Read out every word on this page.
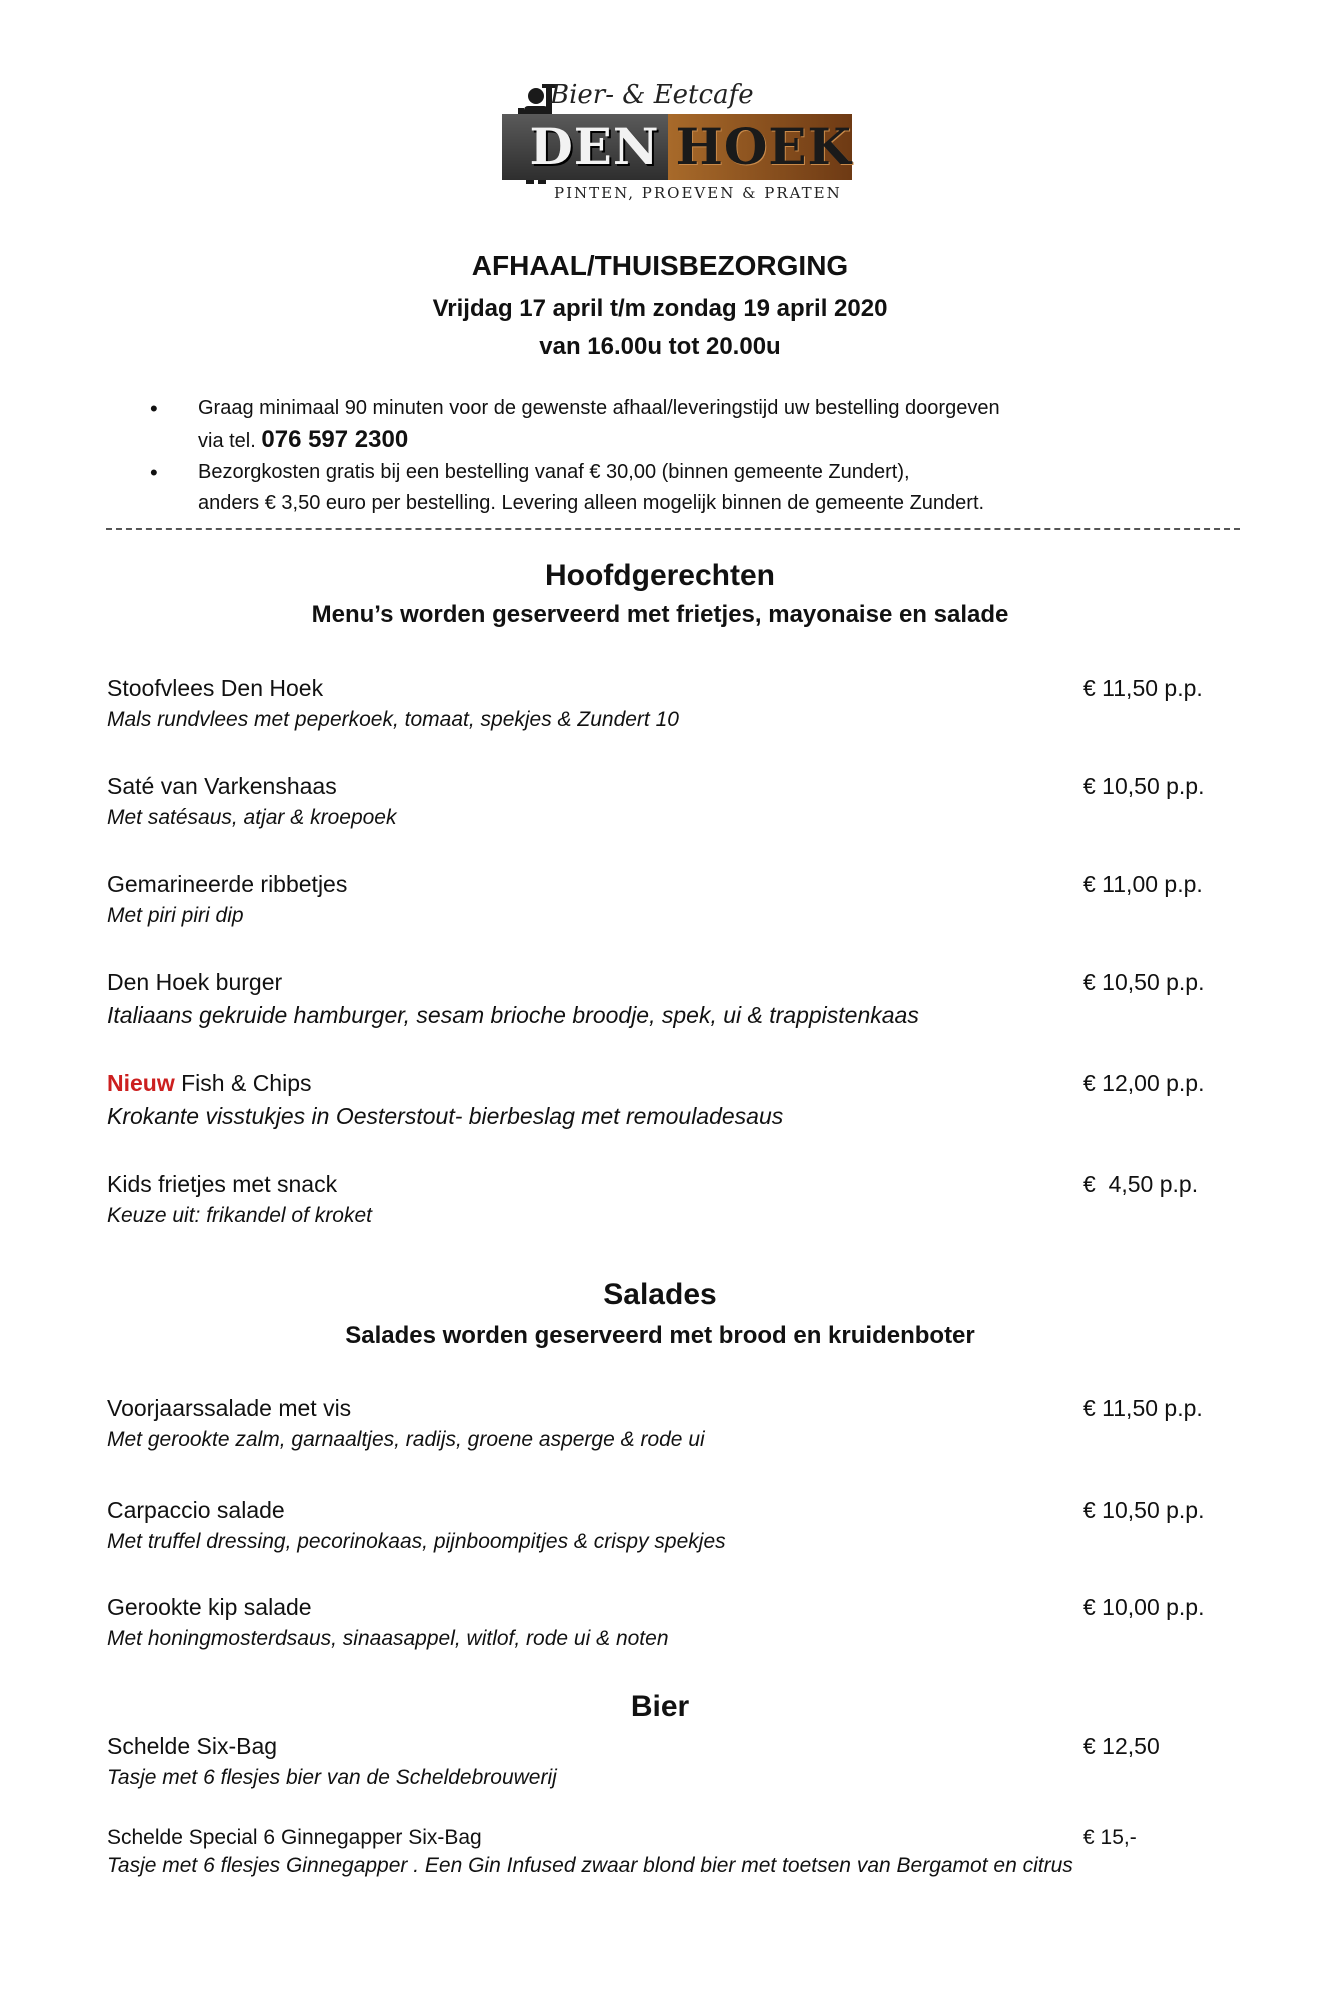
Bier- & Eetcafe
DEN HOEK
PINTEN, PROEVEN & PRATEN
AFHAAL/THUISBEZORGING
Vrijdag 17 april t/m zondag 19 april 2020
van 16.00u tot 20.00u
• Graag minimaal 90 minuten voor de gewenste afhaal/leveringstijd uw bestelling doorgeven
via tel. 076 597 2300
• Bezorgkosten gratis bij een bestelling vanaf € 30,00 (binnen gemeente Zundert),
anders € 3,50 euro per bestelling. Levering alleen mogelijk binnen de gemeente Zundert.
Hoofdgerechten
Menu’s worden geserveerd met frietjes, mayonaise en salade
Stoofvlees Den Hoek
Mals rundvlees met peperkoek, tomaat, spekjes & Zundert 10
€ 11,50 p.p.
Saté van Varkenshaas
Met satésaus, atjar & kroepoek
€ 10,50 p.p.
Gemarineerde ribbetjes
Met piri piri dip
€ 11,00 p.p.
Den Hoek burger
Italiaans gekruide hamburger, sesam brioche broodje, spek, ui & trappistenkaas
€ 10,50 p.p.
Nieuw Fish & Chips
Krokante visstukjes in Oesterstout- bierbeslag met remouladesaus
€ 12,00 p.p.
Kids frietjes met snack
Keuze uit: frikandel of kroket
€  4,50 p.p.
Salades
Salades worden geserveerd met brood en kruidenboter
Voorjaarssalade met vis
Met gerookte zalm, garnaaltjes, radijs, groene asperge & rode ui
€ 11,50 p.p.
Carpaccio salade
Met truffel dressing, pecorinokaas, pijnboompitjes & crispy spekjes
€ 10,50 p.p.
Gerookte kip salade
Met honingmosterdsaus, sinaasappel, witlof, rode ui & noten
€ 10,00 p.p.
Bier
Schelde Six-Bag
Tasje met 6 flesjes bier van de Scheldebrouwerij
€ 12,50
Schelde Special 6 Ginnegapper Six-Bag
Tasje met 6 flesjes Ginnegapper . Een Gin Infused zwaar blond bier met toetsen van Bergamot en citrus
€ 15,-
